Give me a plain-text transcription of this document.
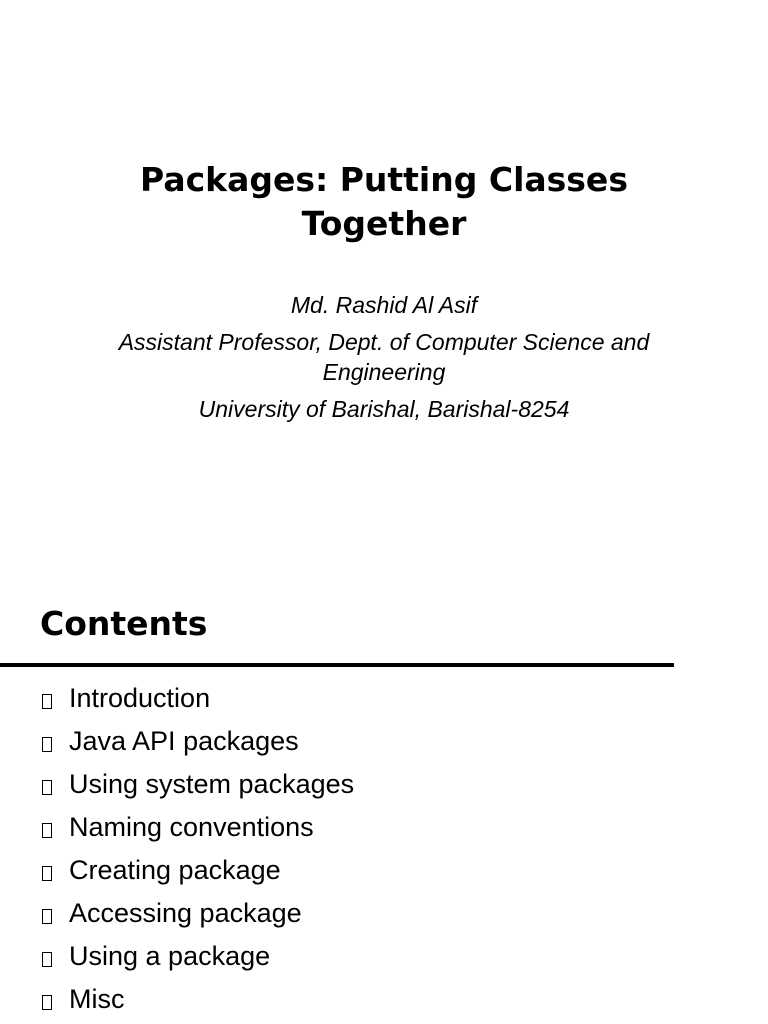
Packages: Putting Classes
Together
Md. Rashid Al Asif
Assistant Professor, Dept. of Computer Science and
Engineering
University of Barishal, Barishal-8254
Contents
Introduction
Java API packages
Using system packages
Naming conventions
Creating package
Accessing package
Using a package
Misc
